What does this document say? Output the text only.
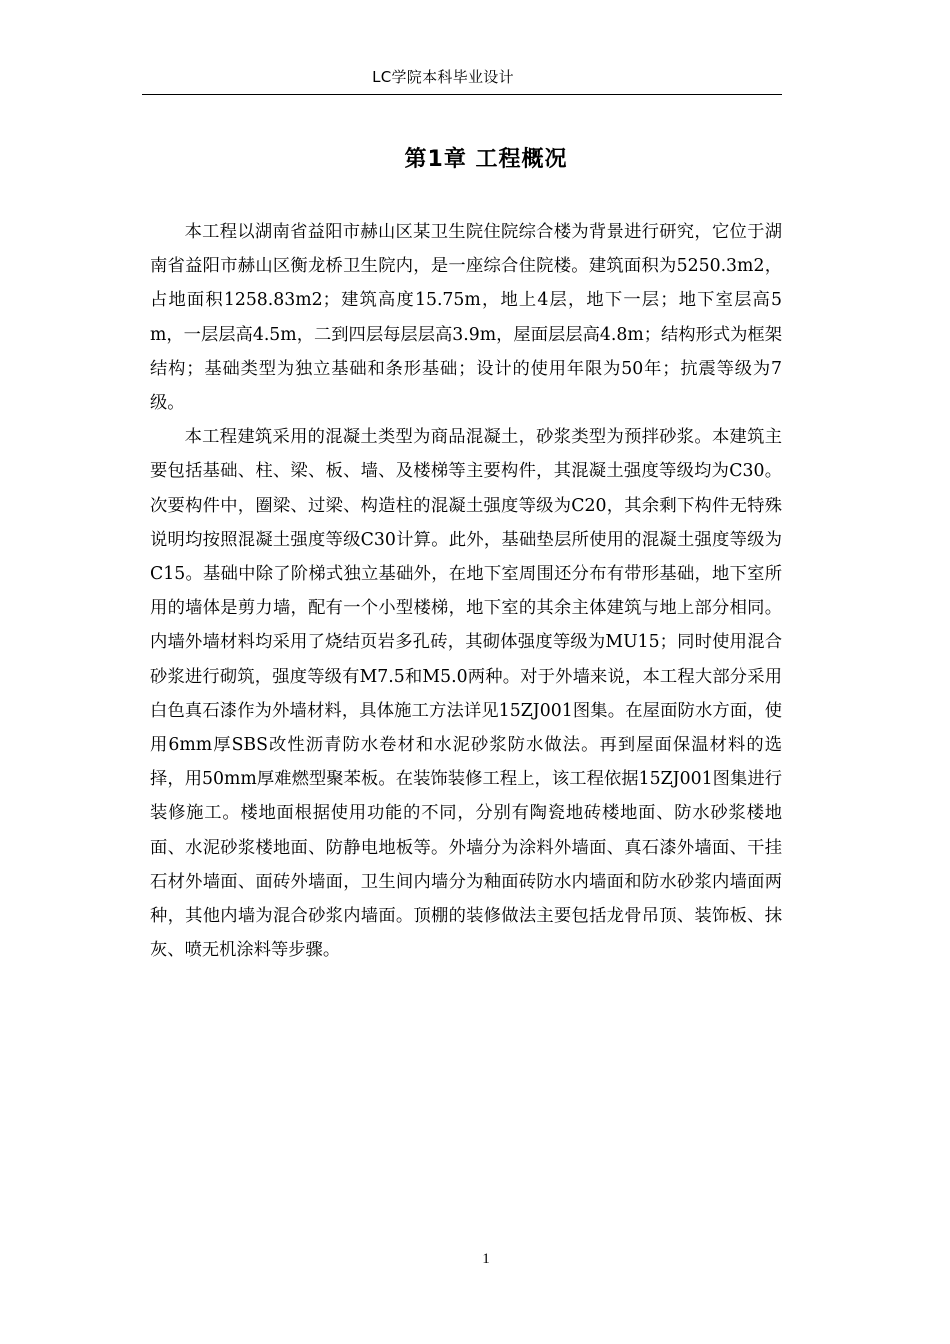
LC学院本科毕业设计
第1章 工程概况

本工程以湖南省益阳市赫山区某卫生院住院综合楼为背景进行研究，它位于湖南省益阳市赫山区衡龙桥卫生院内，是一座综合住院楼。建筑面积为5250.3m2，占地面积1258.83m2；建筑高度15.75m，地上4层，地下一层；地下室层高5m，一层层高4.5m，二到四层每层层高3.9m，屋面层层高4.8m；结构形式为框架结构；基础类型为独立基础和条形基础；设计的使用年限为50年；抗震等级为7级。

本工程建筑采用的混凝土类型为商品混凝土，砂浆类型为预拌砂浆。本建筑主要包括基础、柱、梁、板、墙、及楼梯等主要构件，其混凝土强度等级均为C30。次要构件中，圈梁、过梁、构造柱的混凝土强度等级为C20，其余剩下构件无特殊说明均按照混凝土强度等级C30计算。此外，基础垫层所使用的混凝土强度等级为C15。基础中除了阶梯式独立基础外，在地下室周围还分布有带形基础，地下室所用的墙体是剪力墙，配有一个小型楼梯，地下室的其余主体建筑与地上部分相同。内墙外墙材料均采用了烧结页岩多孔砖，其砌体强度等级为MU15；同时使用混合砂浆进行砌筑，强度等级有M7.5和M5.0两种。对于外墙来说，本工程大部分采用白色真石漆作为外墙材料，具体施工方法详见15ZJ001图集。在屋面防水方面，使用6mm厚SBS改性沥青防水卷材和水泥砂浆防水做法。再到屋面保温材料的选择，用50mm厚难燃型聚苯板。在装饰装修工程上，该工程依据15ZJ001图集进行装修施工。楼地面根据使用功能的不同，分别有陶瓷地砖楼地面、防水砂浆楼地面、水泥砂浆楼地面、防静电地板等。外墙分为涂料外墙面、真石漆外墙面、干挂石材外墙面、面砖外墙面，卫生间内墙分为釉面砖防水内墙面和防水砂浆内墙面两种，其他内墙为混合砂浆内墙面。顶棚的装修做法主要包括龙骨吊顶、装饰板、抹灰、喷无机涂料等步骤。

1
